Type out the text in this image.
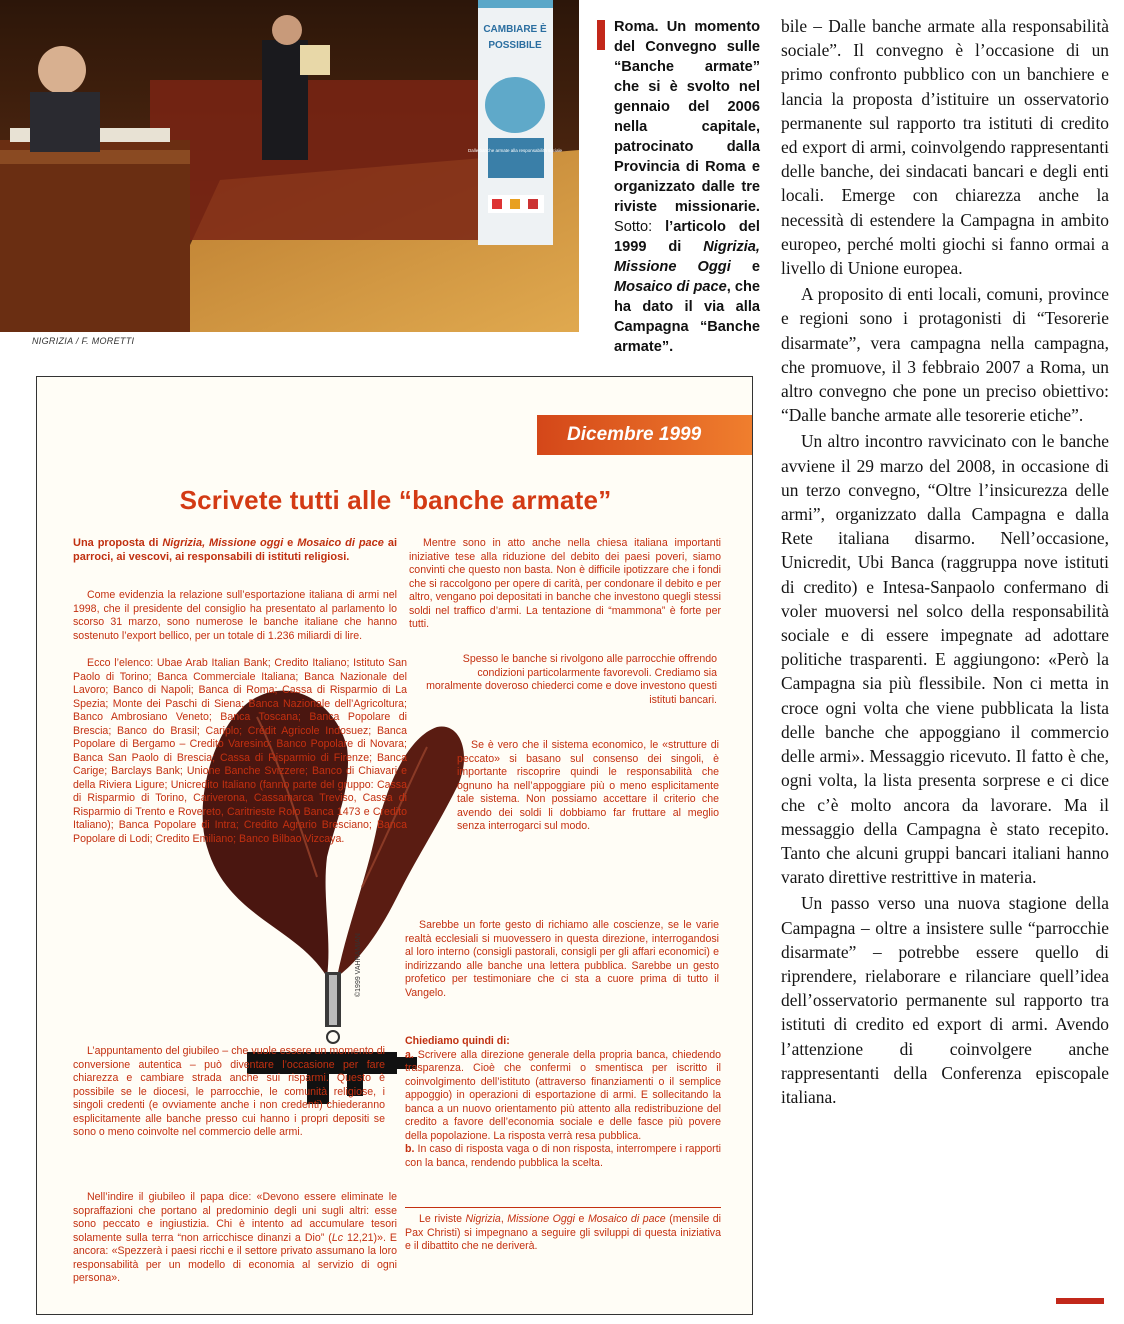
CAMBIARE È
POSSIBILE
Dalle banche armate alla responsabilità sociale
NIGRIZIA / F. MORETTI
Roma. Un momento del Convegno sulle “Banche armate” che si è svolto nel gennaio del 2006 nella capitale, patrocinato dalla Provincia di Roma e organizzato dalle tre riviste missionarie. Sotto: l’articolo del 1999 di Nigrizia, Missione Oggi e Mosaico di pace, che ha dato il via alla Campagna “Banche armate”.

bile – Dalle banche armate alla responsabilità sociale”. Il convegno è l’occasione di un primo confronto pubblico con un banchiere e lancia la proposta d’istituire un osservatorio permanente sul rapporto tra istituti di credito ed export di armi, coinvolgendo rappresentanti delle banche, dei sindacati bancari e degli enti locali. Emerge con chiarezza anche la necessità di estendere la Campagna in ambito europeo, perché molti giochi si fanno ormai a livello di Unione europea.

A proposito di enti locali, comuni, province e regioni sono i protagonisti di “Tesorerie disarmate”, vera campagna nella campagna, che promuove, il 3 febbraio 2007 a Roma, un altro convegno che pone un preciso obiettivo: “Dalle banche armate alle tesorerie etiche”.

Un altro incontro ravvicinato con le banche avviene il 29 marzo del 2008, in occasione di un terzo convegno, “Oltre l’insicurezza delle armi”, organizzato dalla Campagna e dalla Rete italiana disarmo. Nell’occasione, Unicredit, Ubi Banca (raggruppa nove istituti di credito) e Intesa-Sanpaolo confermano di voler muoversi nel solco della responsabilità sociale e di essere impegnate ad adottare politiche trasparenti. E aggiungono: «Però la Campagna sia più flessibile. Non ci metta in croce ogni volta che viene pubblicata la lista delle banche che appoggiano il commercio delle armi». Messaggio ricevuto. Il fatto è che, ogni volta, la lista presenta sorprese e ci dice che c’è molto ancora da lavorare. Ma il messaggio della Campagna è stato recepito. Tanto che alcuni gruppi bancari italiani hanno varato direttive restrittive in materia.

Un passo verso una nuova stagione della Campagna – oltre a insistere sulle “parrocchie disarmate” – potrebbe essere quello di riprendere, rielaborare e rilanciare quell’idea dell’osservatorio permanente sul rapporto tra istituti di credito ed export di armi. Avendo l’attenzione di coinvolgere anche rappresentanti della Conferenza episcopale italiana.

Dicembre 1999
Scrivete tutti alle “banche armate”
©1999 VAHRAMIAN
Una proposta di Nigrizia, Missione oggi e Mosaico di pace ai parroci, ai vescovi, ai responsabili di istituti religiosi.

Come evidenzia la relazione sull’esportazione italiana di armi nel 1998, che il presidente del consiglio ha presentato al parlamento lo scorso 31 marzo, sono numerose le banche italiane che hanno sostenuto l’export bellico, per un totale di 1.236 miliardi di lire.

Ecco l’elenco: Ubae Arab Italian Bank; Credito Italiano; Istituto San Paolo di Torino; Banca Commerciale Italiana; Banca Nazionale del Lavoro; Banco di Napoli; Banca di Roma; Cassa di Risparmio di La Spezia; Monte dei Paschi di Siena; Banca Nazionale dell’Agricoltura; Banco Ambrosiano Veneto; Banca Toscana; Banca Popolare di Brescia; Banco do Brasil; Cariplo; Crédit Agricole Indosuez; Banca Popolare di Bergamo – Credito Varesino; Banco Popolare di Novara; Banca San Paolo di Brescia; Cassa di Risparmio di Firenze; Banca Carige; Barclays Bank; Unione Banche Svizzere; Banco di Chiavari e della Riviera Ligure; Unicredito Italiano (fanno parte del gruppo: Cassa di Risparmio di Torino, Cariverona, Cassamarca Treviso, Cassa di Risparmio di Trento e Rovereto, Caritrieste Rolo Banca 1473 e Credito Italiano); Banca Popolare di Intra; Credito Agrario Bresciano; Banca Popolare di Lodi; Credito Emiliano; Banco Bilbao Vizcaya.

L’appuntamento del giubileo – che vuole essere un momento di conversione autentica – può diventare l’occasione per fare chiarezza e cambiare strada anche sui risparmi. Questo è possibile se le diocesi, le parrocchie, le comunità religiose, i singoli credenti (e ovviamente anche i non credenti) chiederanno esplicitamente alle banche presso cui hanno i propri depositi se sono o meno coinvolte nel commercio delle armi.

Nell’indire il giubileo il papa dice: «Devono essere eliminate le sopraffazioni che portano al predominio degli uni sugli altri: esse sono peccato e ingiustizia. Chi è intento ad accumulare tesori solamente sulla terra “non arricchisce dinanzi a Dio” (Lc 12,21)». E ancora: «Spezzerà i paesi ricchi e il settore privato assumano la loro responsabilità per un modello di economia al servizio di ogni persona».

Mentre sono in atto anche nella chiesa italiana importanti iniziative tese alla riduzione del debito dei paesi poveri, siamo convinti che questo non basta. Non è difficile ipotizzare che i fondi che si raccolgono per opere di carità, per condonare il debito e per altro, vengano poi depositati in banche che investono quegli stessi soldi nel traffico d’armi. La tentazione di “mammona” è forte per tutti.

Spesso le banche si rivolgono alle parrocchie offrendo condizioni particolarmente favorevoli. Crediamo sia moralmente doveroso chiederci come e dove investono questi istituti bancari.

Se è vero che il sistema economico, le «strutture di peccato» si basano sul consenso dei singoli, è importante riscoprire quindi le responsabilità che ognuno ha nell’appoggiare più o meno esplicitamente tale sistema. Non possiamo accettare il criterio che avendo dei soldi li dobbiamo far fruttare al meglio senza interrogarci sul modo.

Sarebbe un forte gesto di richiamo alle coscienze, se le varie realtà ecclesiali si muovessero in questa direzione, interrogandosi al loro interno (consigli pastorali, consigli per gli affari economici) e indirizzando alle banche una lettera pubblica. Sarebbe un gesto profetico per testimoniare che ci sta a cuore prima di tutto il Vangelo.

Chiediamo quindi di:

a. Scrivere alla direzione generale della propria banca, chiedendo trasparenza. Cioè che confermi o smentisca per iscritto il coinvolgimento dell’istituto (attraverso finanziamenti o il semplice appoggio) in operazioni di esportazione di armi. E sollecitando la banca a un nuovo orientamento più attento alla redistribuzione del credito a favore dell’economia sociale e delle fasce più povere della popolazione. La risposta verrà resa pubblica.

b. In caso di risposta vaga o di non risposta, interrompere i rapporti con la banca, rendendo pubblica la scelta.

Le riviste Nigrizia, Missione Oggi e Mosaico di pace (mensile di Pax Christi) si impegnano a seguire gli sviluppi di questa iniziativa e il dibattito che ne deriverà.
